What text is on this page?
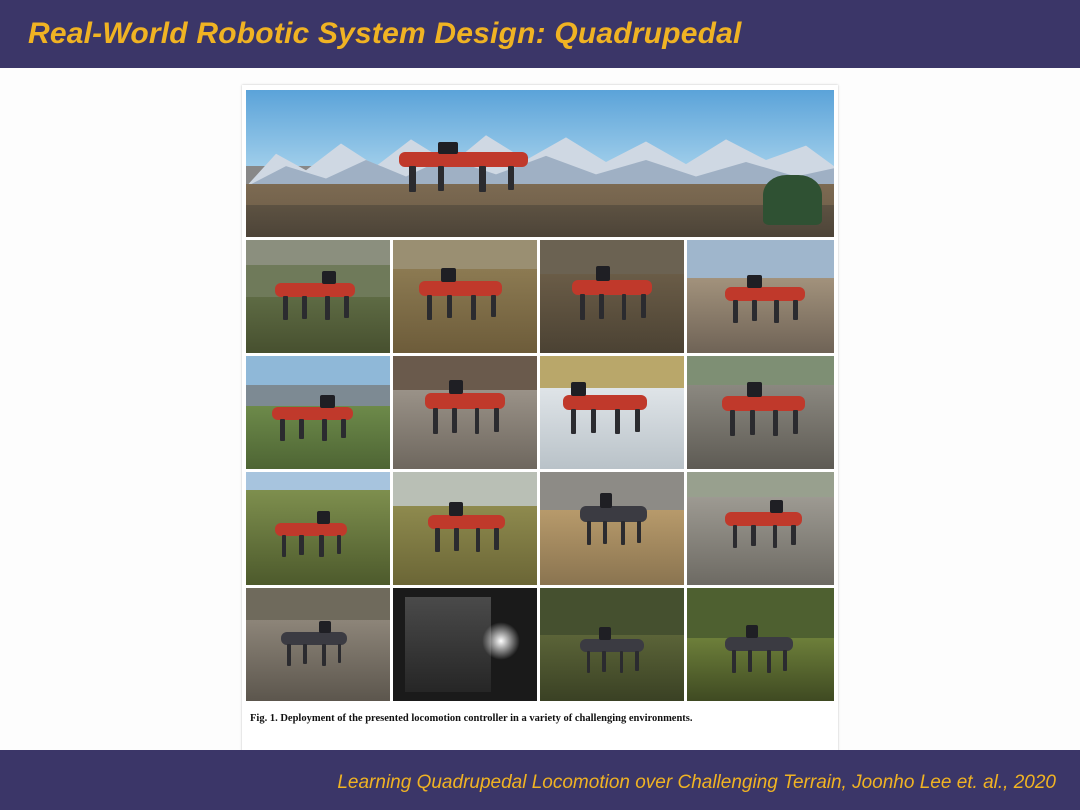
Real-World Robotic System Design: Quadrupedal
Fig. 1. Deployment of the presented locomotion controller in a variety of challenging environments.
Learning Quadrupedal Locomotion over Challenging Terrain, Joonho Lee et. al., 2020
